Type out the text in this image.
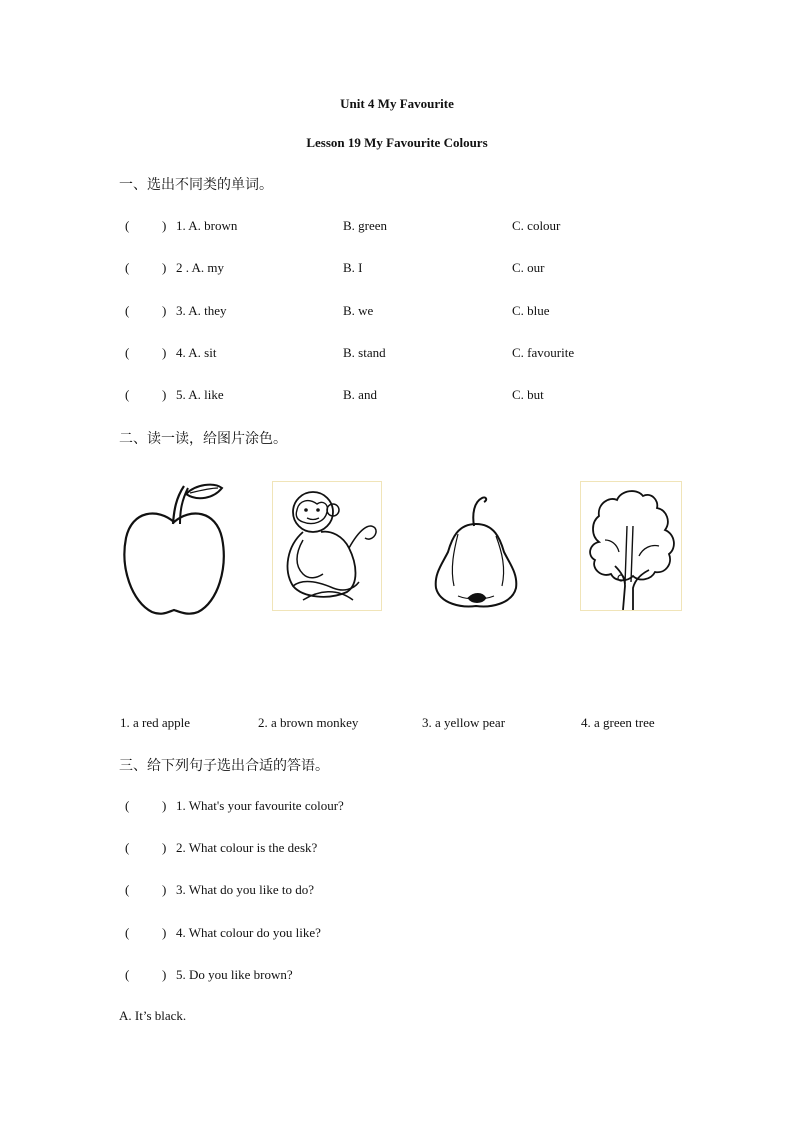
Unit 4 My Favourite
Lesson 19 My Favourite Colours
一、选出不同类的单词。
(	) 1. A. brown	B. green	C. colour
(	) 2 . A. my	B. I	C. our
(	) 3. A. they	B. we	C. blue
(	) 4. A. sit	B. stand	C. favourite
(	) 5. A. like	B. and	C. but
二、读一读，给图片涂色。
1. a red apple	2. a brown monkey	3. a yellow pear	4. a green tree
三、给下列句子选出合适的答语。
(	) 1. What's your favourite colour?
(	) 2. What colour is the desk?
(	) 3. What do you like to do?
(	) 4. What colour do you like?
(	) 5. Do you like brown?
A. It’s black.
